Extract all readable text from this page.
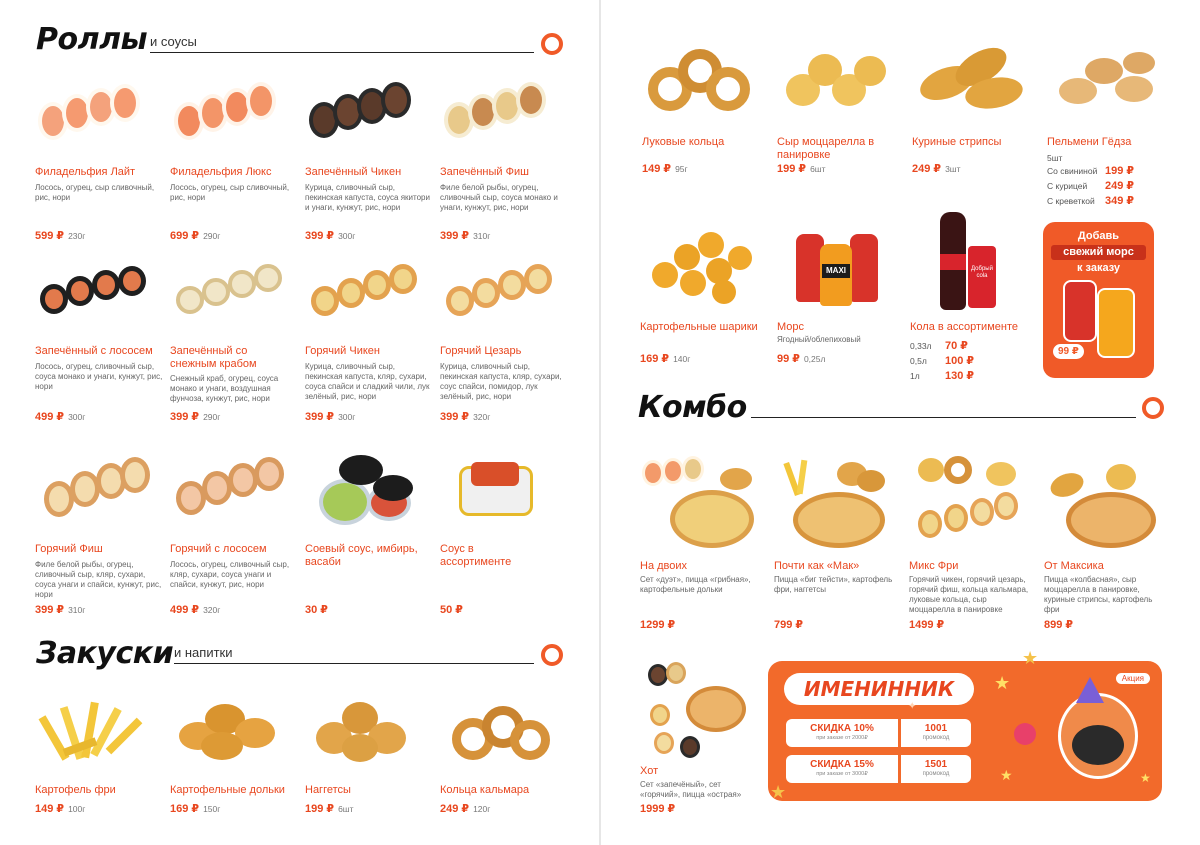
Роллы и соусы
Филадельфия Лайт
Лосось, огурец, сыр сливочный, рис, нори
599 ₽ 230г
Филадельфия Люкс
Лосось, огурец, сыр сливочный, рис, нори
699 ₽ 290г
Запечённый Чикен
Курица, сливочный сыр, пекинская капуста, соуса якитори и унаги, кунжут, рис, нори
399 ₽ 300г
Запечённый Фиш
Филе белой рыбы, огурец, сливочный сыр, соуса монако и унаги, кунжут, рис, нори
399 ₽ 310г
Запечённый с лососем
Лосось, огурец, сливочный сыр, соуса монако и унаги, кунжут, рис, нори
499 ₽ 300г
Запечённый со снежным крабом
Снежный краб, огурец, соуса монако и унаги, воздушная фунчоза, кунжут, рис, нори
399 ₽ 290г
Горячий Чикен
Курица, сливочный сыр, пекинская капуста, кляр, сухари, соуса спайси и сладкий чили, лук зелёный, рис, нори
399 ₽ 300г
Горячий Цезарь
Курица, сливочный сыр, пекинская капуста, кляр, сухари, соус спайси, помидор, лук зелёный, рис, нори
399 ₽ 320г
Горячий Фиш
Филе белой рыбы, огурец, сливочный сыр, кляр, сухари, соуса унаги и спайси, кунжут, рис, нори
399 ₽ 310г
Горячий с лососем
Лосось, огурец, сливочный сыр, кляр, сухари, соуса унаги и спайси, кунжут, рис, нори
499 ₽ 320г
Соевый соус, имбирь, васаби
30 ₽
Соус в ассортименте
50 ₽
Закуски и напитки
Картофель фри
149 ₽ 100г
Картофельные дольки
169 ₽ 150г
Наггетсы
199 ₽ 6шт
Кольца кальмара
249 ₽ 120г
Луковые кольца
149 ₽ 95г
Сыр моццарелла в панировке
199 ₽ 6шт
Куриные стрипсы
249 ₽ 3шт
Пельмени Гёдза
5шт
Со свининой 199 ₽
С курицей 249 ₽
С креветкой 349 ₽
Картофельные шарики
169 ₽ 140г
MAXI
Морс
Ягодный/облепиховый
99 ₽ 0,25л
Добрый cola
Кола в ассортименте
0,33л 70 ₽
0,5л 100 ₽
1л 130 ₽
Добавь
свежий морс
к заказу
99 ₽
Комбо
На двоих
Сет «дуэт», пицца «грибная», картофельные дольки
1299 ₽
Почти как «Мак»
Пицца «биг тейсти», картофель фри, наггетсы
799 ₽
Микс Фри
Горячий чикен, горячий цезарь, горячий фиш, кольца кальмара, луковые кольца, сыр моццарелла в панировке
1499 ₽
От Максика
Пицца «колбасная», сыр моццарелла в панировке, куриные стрипсы, картофель фри
899 ₽
Хот
Сет «запечёный», сет «горячий», пицца «острая»
1999 ₽
ИМЕНИННИК	Акция
СКИДКА 10%
при заказе от 2000₽
1001
промокод
СКИДКА 15%
при заказе от 3000₽
1501
промокод
★
★
✦
★
★
★
